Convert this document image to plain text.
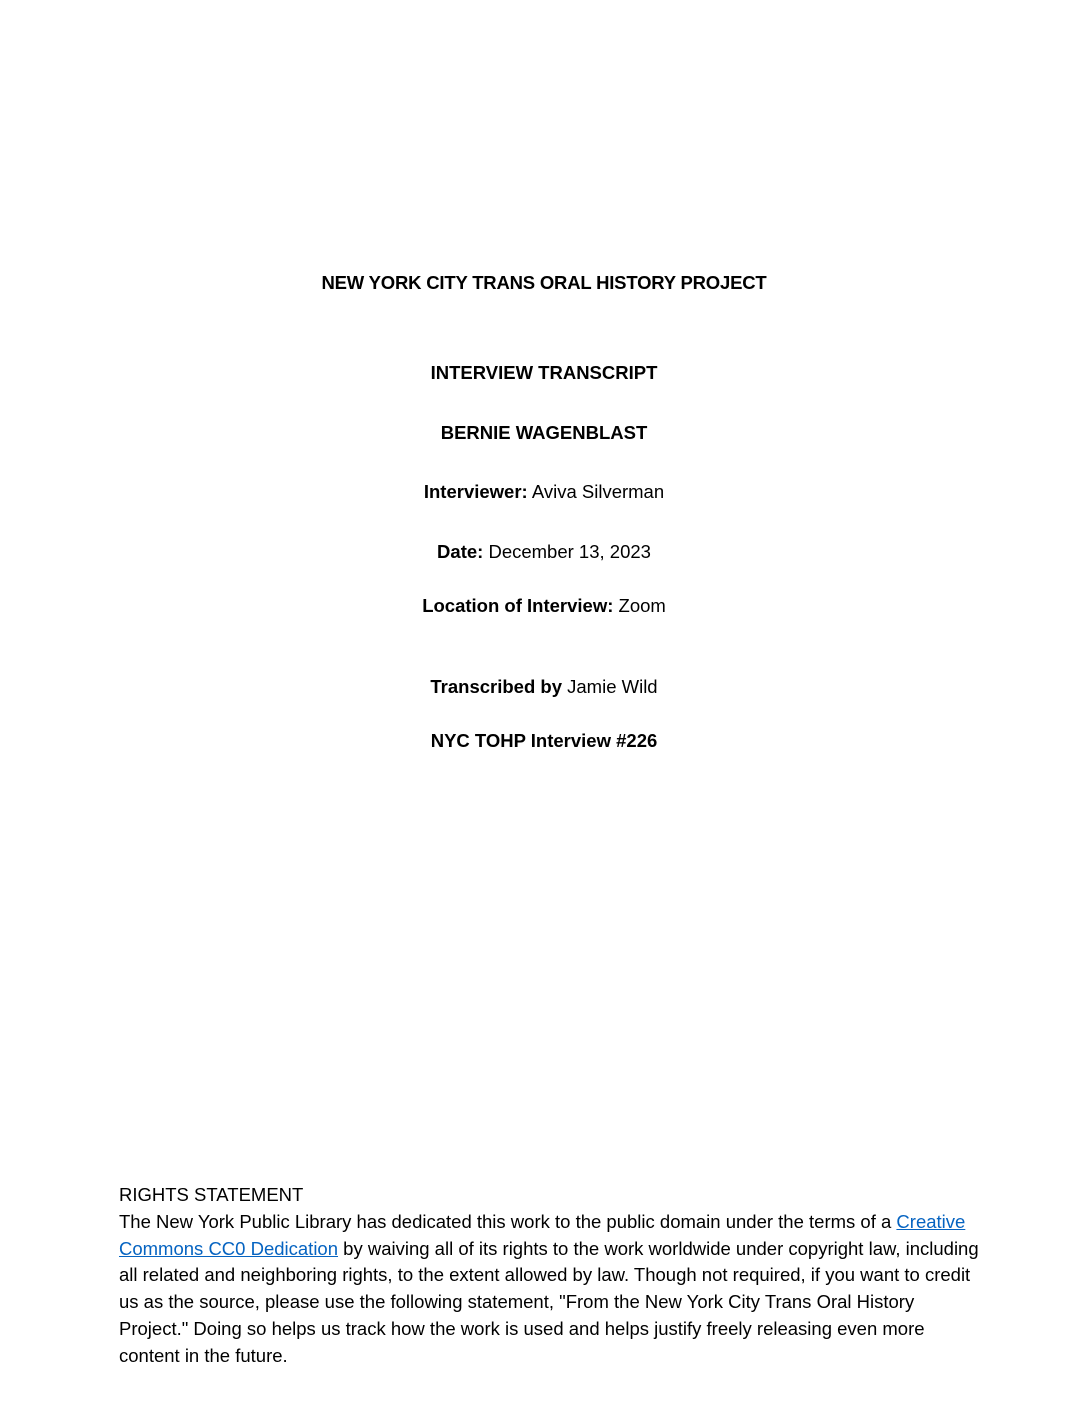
NEW YORK CITY TRANS ORAL HISTORY PROJECT
INTERVIEW TRANSCRIPT
BERNIE WAGENBLAST
Interviewer: Aviva Silverman
Date: December 13, 2023
Location of Interview: Zoom
Transcribed by Jamie Wild
NYC TOHP Interview #226
RIGHTS STATEMENT
The New York Public Library has dedicated this work to the public domain under the terms of a Creative Commons CC0 Dedication by waiving all of its rights to the work worldwide under copyright law, including all related and neighboring rights, to the extent allowed by law. Though not required, if you want to credit us as the source, please use the following statement, "From the New York City Trans Oral History Project." Doing so helps us track how the work is used and helps justify freely releasing even more content in the future.
